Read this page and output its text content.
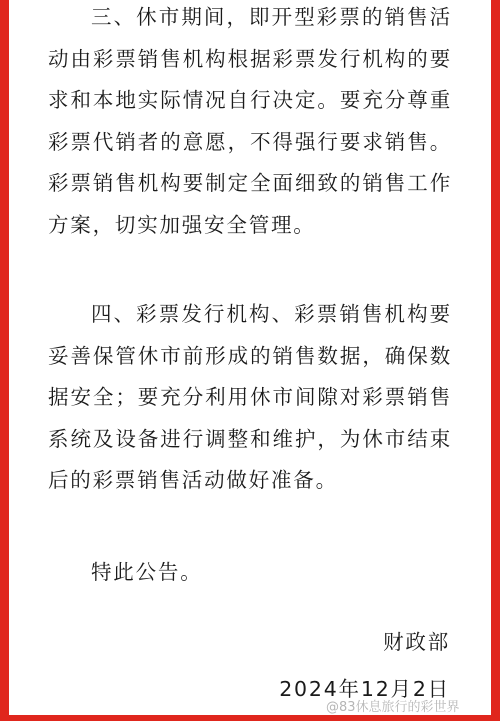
三、休市期间，即开型彩票的销售活动由彩票销售机构根据彩票发行机构的要求和本地实际情况自行决定。要充分尊重彩票代销者的意愿，不得强行要求销售。彩票销售机构要制定全面细致的销售工作方案，切实加强安全管理。

四、彩票发行机构、彩票销售机构要妥善保管休市前形成的销售数据，确保数据安全；要充分利用休市间隙对彩票销售系统及设备进行调整和维护，为休市结束后的彩票销售活动做好准备。

特此公告。
财政部
2024年12月2日
@83休息旅行的彩世界
